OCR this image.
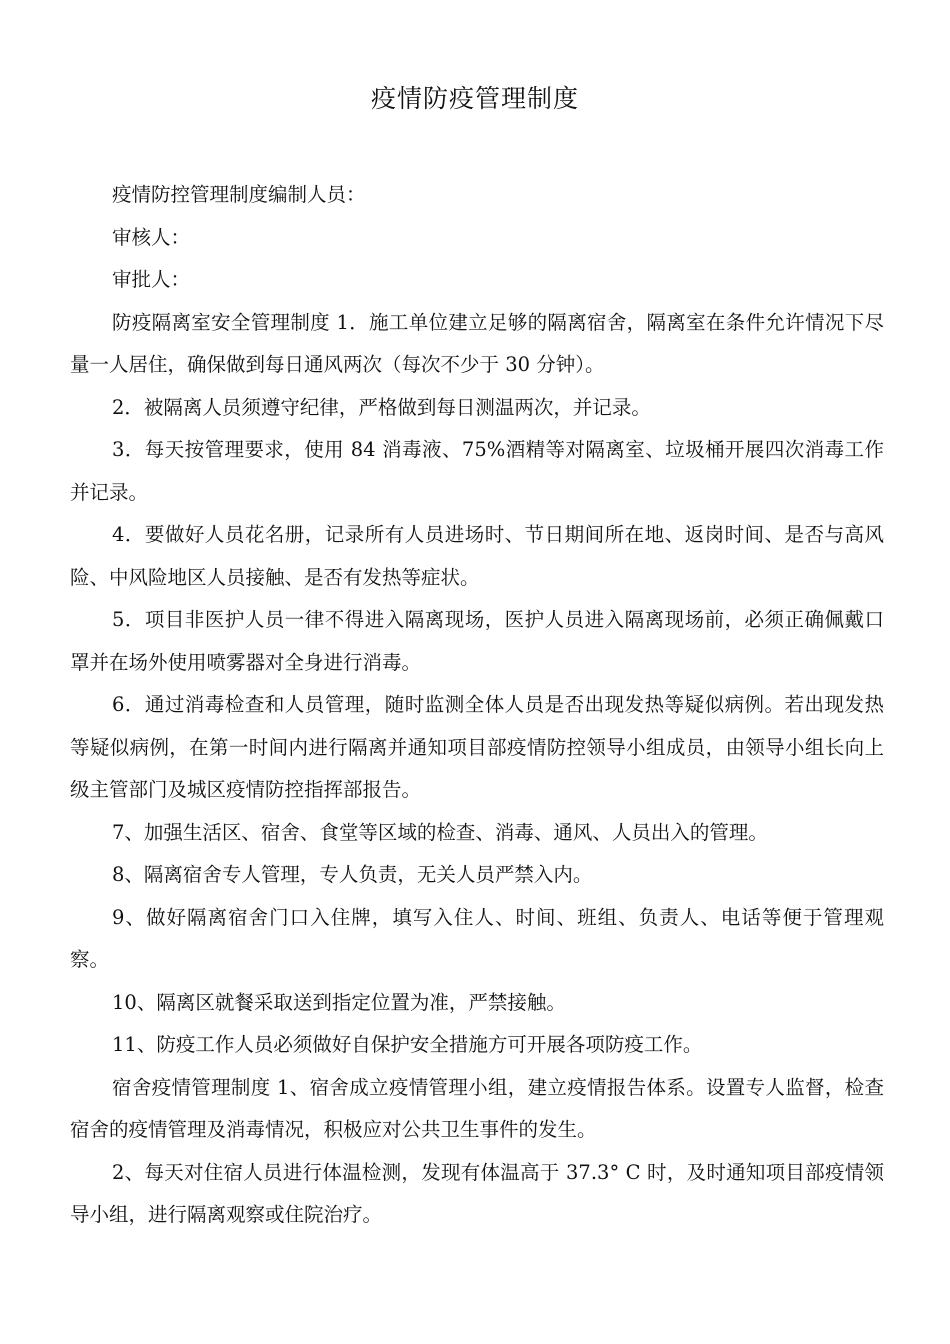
疫情防疫管理制度

疫情防控管理制度编制人员：

审核人：

审批人：

防疫隔离室安全管理制度 1．施工单位建立足够的隔离宿舍，隔离室在条件允许情况下尽量一人居住，确保做到每日通风两次（每次不少于 30 分钟）。

2．被隔离人员须遵守纪律，严格做到每日测温两次，并记录。

3．每天按管理要求，使用 84 消毒液、75%酒精等对隔离室、垃圾桶开展四次消毒工作并记录。

4．要做好人员花名册，记录所有人员进场时、节日期间所在地、返岗时间、是否与高风险、中风险地区人员接触、是否有发热等症状。

5．项目非医护人员一律不得进入隔离现场，医护人员进入隔离现场前，必须正确佩戴口罩并在场外使用喷雾器对全身进行消毒。

6．通过消毒检查和人员管理，随时监测全体人员是否出现发热等疑似病例。若出现发热等疑似病例，在第一时间内进行隔离并通知项目部疫情防控领导小组成员，由领导小组长向上级主管部门及城区疫情防控指挥部报告。

7、加强生活区、宿舍、食堂等区域的检查、消毒、通风、人员出入的管理。

8、隔离宿舍专人管理，专人负责，无关人员严禁入内。

9、做好隔离宿舍门口入住牌，填写入住人、时间、班组、负责人、电话等便于管理观察。

10、隔离区就餐采取送到指定位置为准，严禁接触。

11、防疫工作人员必须做好自保护安全措施方可开展各项防疫工作。

宿舍疫情管理制度 1、宿舍成立疫情管理小组，建立疫情报告体系。设置专人监督，检查宿舍的疫情管理及消毒情况，积极应对公共卫生事件的发生。

2、每天对住宿人员进行体温检测，发现有体温高于 37.3° C 时，及时通知项目部疫情领导小组，进行隔离观察或住院治疗。
